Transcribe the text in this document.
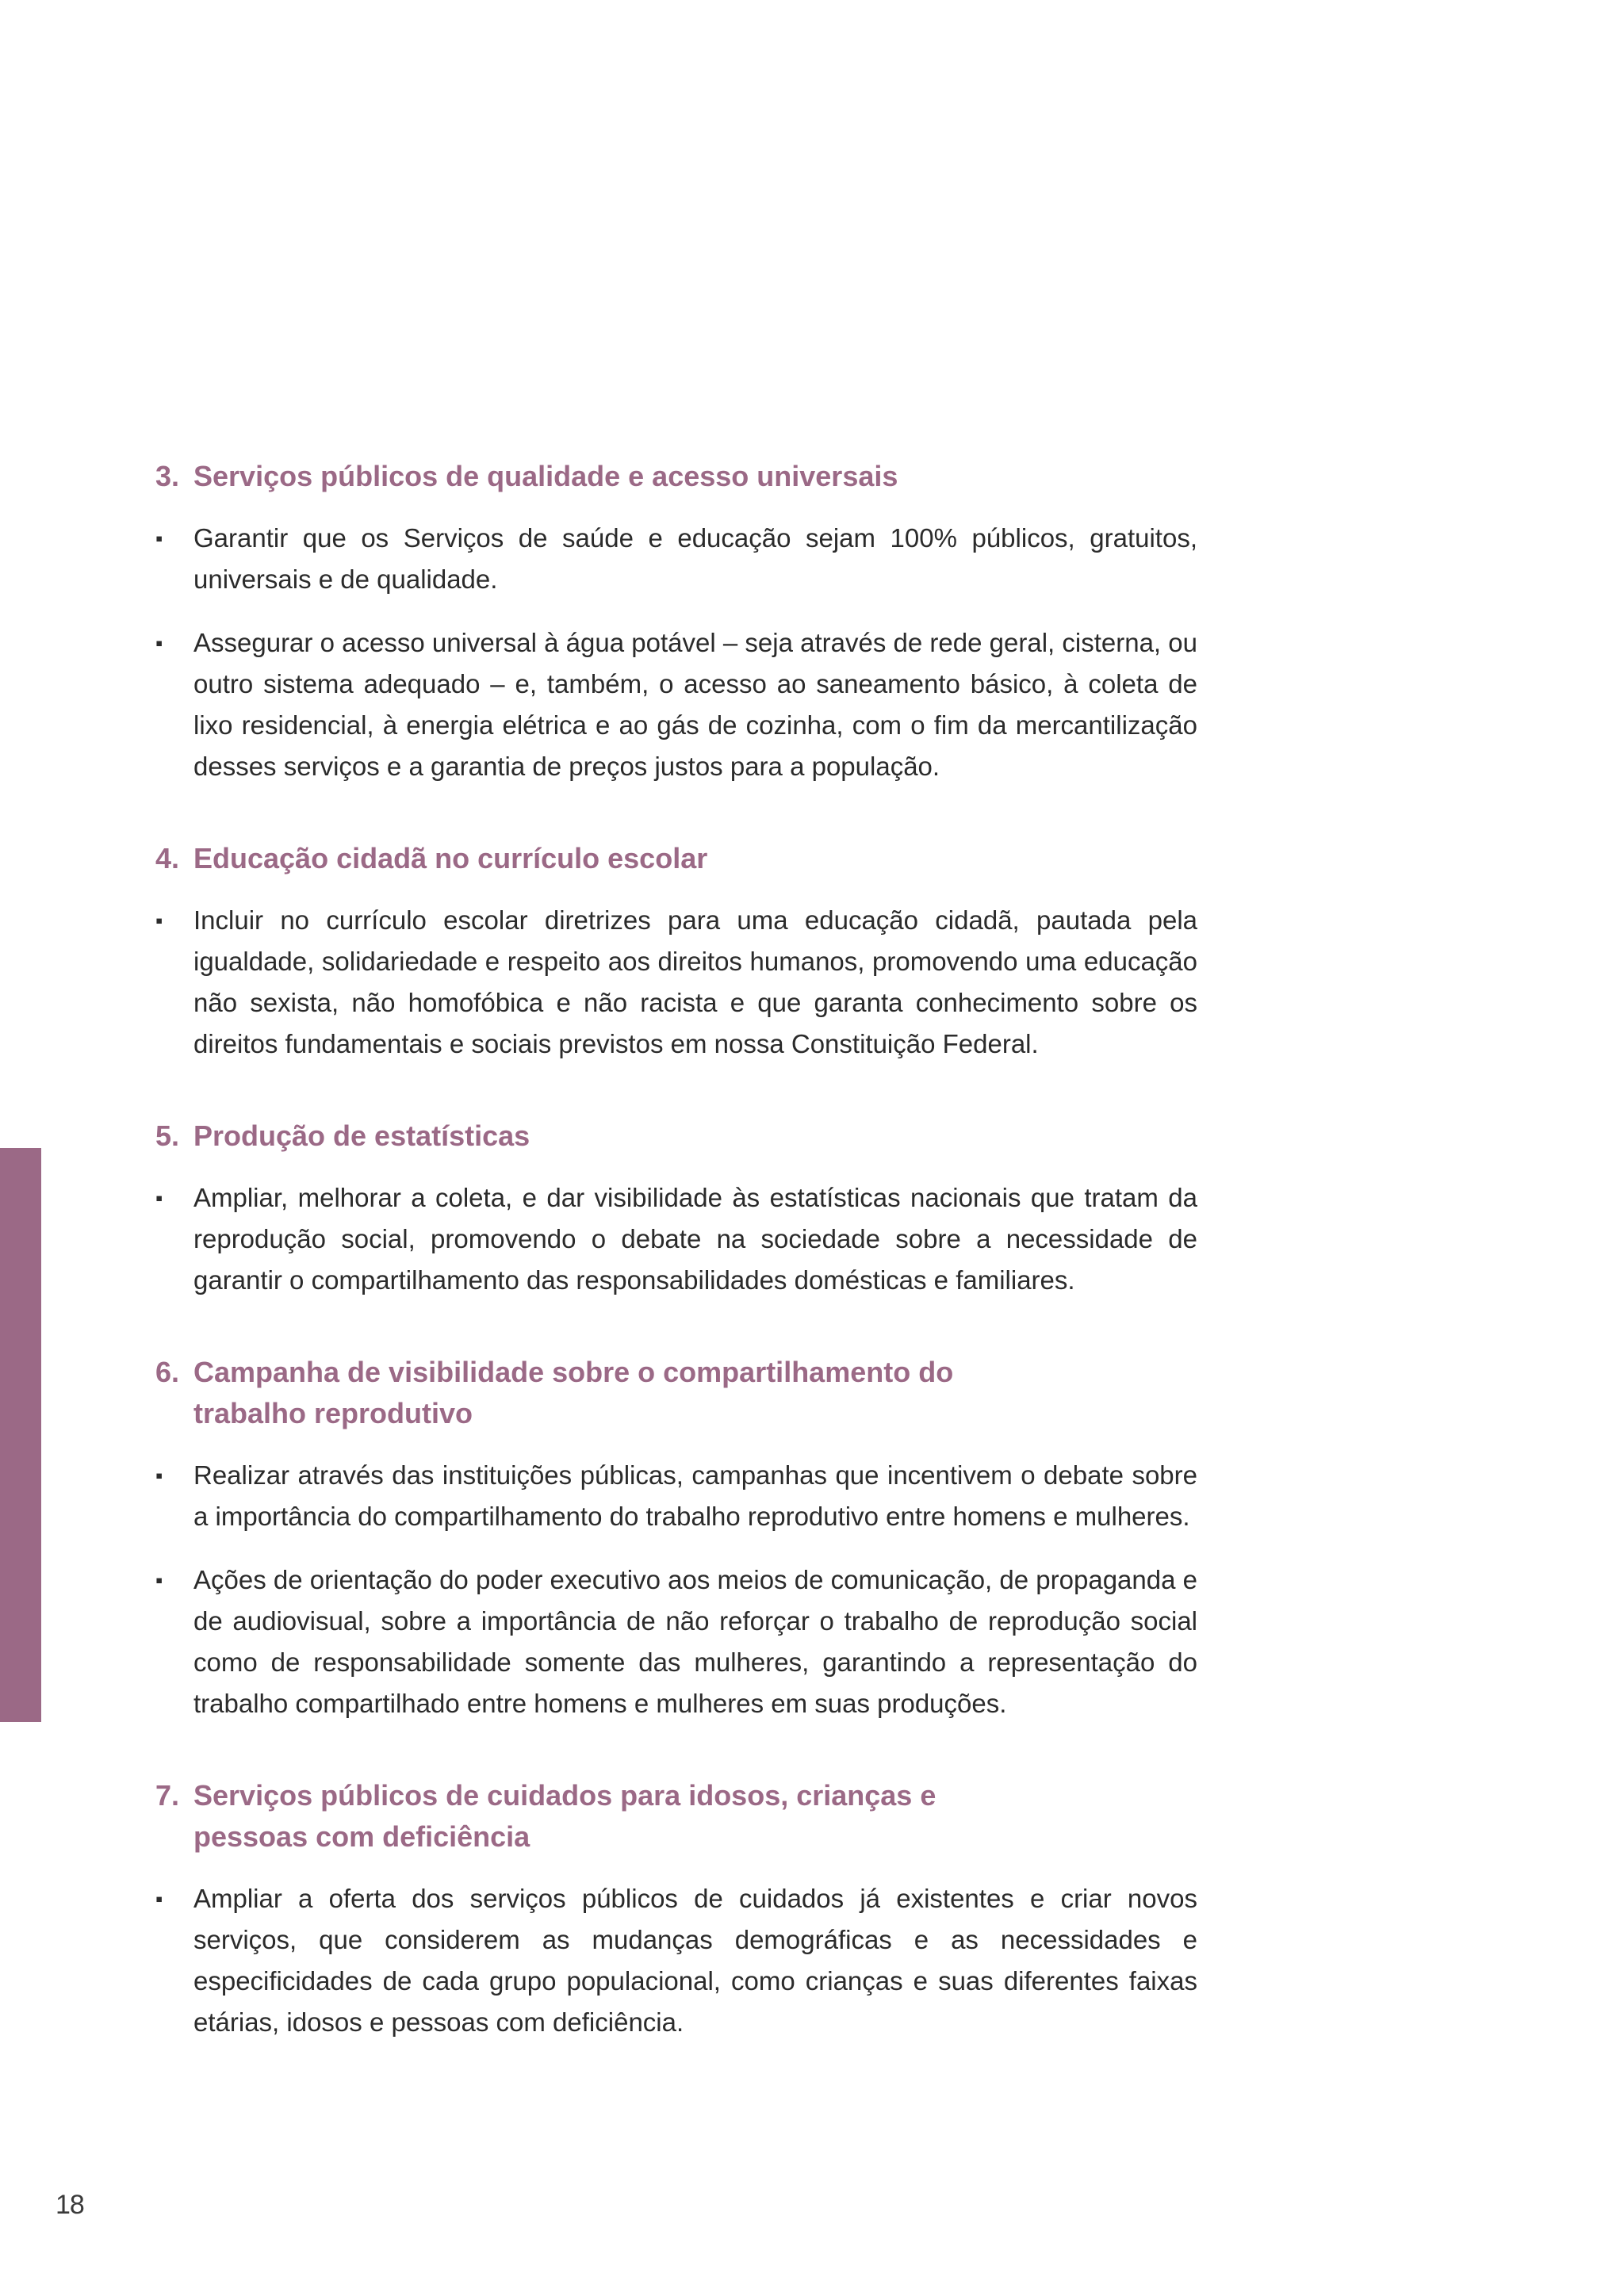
3. Serviços públicos de qualidade e acesso universais
▪	Garantir que os Serviços de saúde e educação sejam 100% públicos, gratuitos, universais e de qualidade.
▪	Assegurar o acesso universal à água potável – seja através de rede geral, cisterna, ou outro sistema adequado – e, também, o acesso ao saneamento básico, à coleta de lixo residencial, à energia elétrica e ao gás de cozinha, com o fim da mercantilização desses serviços e a garantia de preços justos para a população.
4. Educação cidadã no currículo escolar
▪	Incluir no currículo escolar diretrizes para uma educação cidadã, pautada pela igualdade, solidariedade e respeito aos direitos humanos, promovendo uma educação não sexista, não homofóbica e não racista e que garanta conhecimento sobre os direitos fundamentais e sociais previstos em nossa Constituição Federal.
5. Produção de estatísticas
▪	Ampliar, melhorar a coleta, e dar visibilidade às estatísticas nacionais que tratam da reprodução social, promovendo o debate na sociedade sobre a necessidade de garantir o compartilhamento das responsabilidades domésticas e familiares.
6. Campanha de visibilidade sobre o compartilhamento do trabalho reprodutivo
▪	Realizar através das instituições públicas, campanhas que incentivem o debate sobre a importância do compartilhamento do trabalho reprodutivo entre homens e mulheres.
▪	Ações de orientação do poder executivo aos meios de comunicação, de propaganda e de audiovisual, sobre a importância de não reforçar o trabalho de reprodução social como de responsabilidade somente das mulheres, garantindo a representação do trabalho compartilhado entre homens e mulheres em suas produções.
7. Serviços públicos de cuidados para idosos, crianças e pessoas com deficiência
▪	Ampliar a oferta dos serviços públicos de cuidados já existentes e criar novos serviços, que considerem as mudanças demográficas e as necessidades e especificidades de cada grupo populacional, como crianças e suas diferentes faixas etárias, idosos e pessoas com deficiência.
18
